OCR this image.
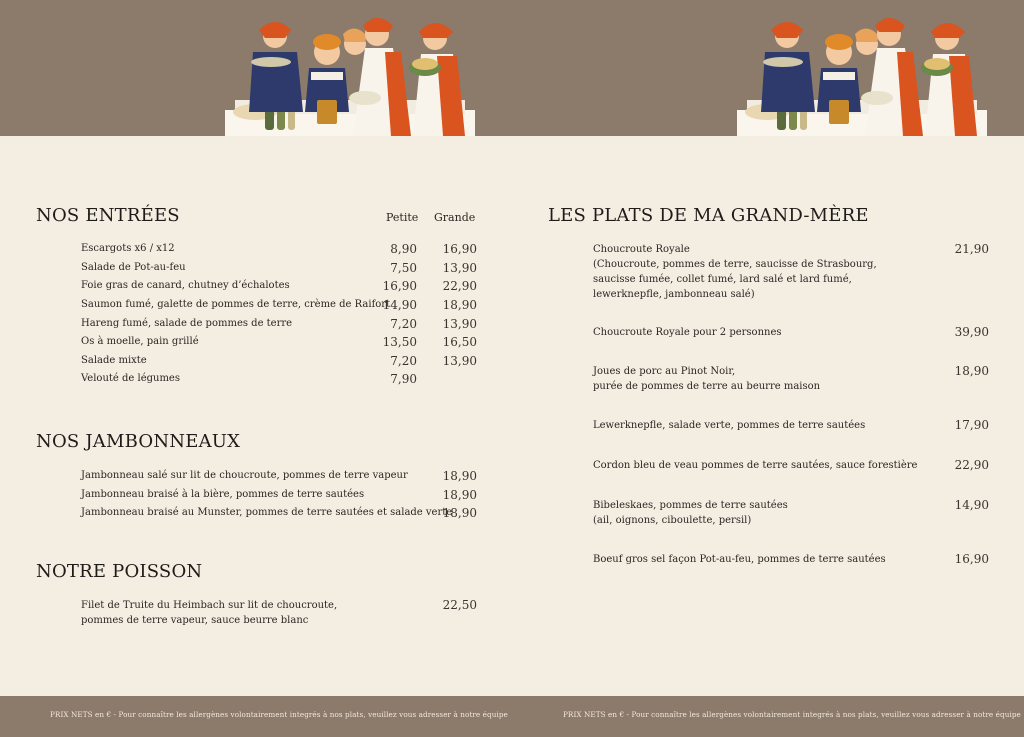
NOS ENTRÉES	Petite Grande
Escargots x6 / x12	8,90	16,90
Salade de Pot-au-feu	7,50	13,90
Foie gras de canard, chutney d’échalotes	16,90	22,90
Saumon fumé, galette de pommes de terre, crème de Raifort
14,90	18,90
Hareng fumé, salade de pommes de terre	7,20	13,90
Os à moelle, pain grillé	13,50	16,50
Salade mixte	7,20	13,90
Velouté de légumes	7,90
NOS JAMBONNEAUX
Jambonneau salé sur lit de choucroute, pommes de terre vapeur	18,90
Jambonneau braisé à la bière, pommes de terre sautées	18,90
Jambonneau braisé au Munster, pommes de terre sautées et salade verte
18,90
NOTRE POISSON
Filet de Truite du Heimbach sur lit de choucroute,
pommes de terre vapeur, sauce beurre blanc
22,50
LES PLATS DE MA GRAND-MÈRE
Choucroute Royale
(Choucroute, pommes de terre, saucisse de Strasbourg,
saucisse fumée, collet fumé, lard salé et lard fumé,
lewerknepfle, jambonneau salé)
21,90
Choucroute Royale pour 2 personnes	39,90
Joues de porc au Pinot Noir,
purée de pommes de terre au beurre maison
18,90
Lewerknepfle, salade verte, pommes de terre sautées	17,90
Cordon bleu de veau pommes de terre sautées, sauce forestière	22,90
Bibeleskaes, pommes de terre sautées
(ail, oignons, ciboulette, persil)
14,90
Boeuf gros sel façon Pot-au-feu, pommes de terre sautées	16,90
PRIX NETS en € - Pour connaître les allergènes volontairement integrés à nos plats, veuillez vous adresser à notre équipe	PRIX NETS en € - Pour connaître les allergènes volontairement integrés à nos plats, veuillez vous adresser à notre équipe
